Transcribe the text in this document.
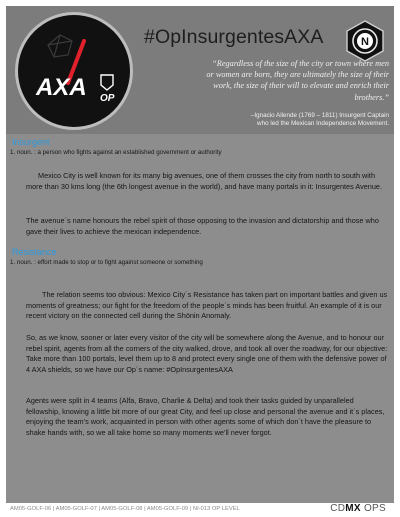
AXA OP
#OpInsurgentesAXA	N
“Regardless of the size of the city or town where men or women are born, they are ultimately the size of their work, the size of their will to elevate and enrich their brothers.”
–Ignacio Allende (1769 – 1811) Insurgent Captain
who led the Mexican Independence Movement.
Insurgent
1. noun. : a person who fights against an established government or authority
Mexico City is well known for its many big avenues, one of them crosses the city from north to south with more than 30 kms long (the 6th longest avenue in the world), and have many portals in it: Insurgentes Avenue.
The avenue´s name honours the rebel spirit of those opposing to the invasion and dictatorship and those who gave their lives to achieve the mexican independence.
Resistance
1. noun. : effort made to stop or to fight against someone or something
The relation seems too obvious: Mexico City´s Resistance has taken part on important battles and given us moments of greatness; our fight for the freedom of the people´s minds has been fruitful. An example of it is our recent victory on the connected cell during the Shönin Anomaly.
So, as we know, sooner or later every visitor of the city will be somewhere along the Avenue, and to honour our rebel spirit, agents from all the corners of the city walked, drove, and took all over the roadway, for our objective: Take more than 100 portals, level them up to 8 and protect every single one of them with the defensive power of 4 AXA shields, so we have our Op´s name: #OpInsurgentesAXA
Agents were split in 4 teams (Alfa, Bravo, Charlie & Delta) and took their tasks guided by unparalleled fellowship, knowing a little bit more of our great City, and feel up close and personal the avenue and it´s places, enjoying the team’s work, acquainted in person with other agents some of which don´t have the pleasure to shake hands with, so we all take home so many moments we’ll never forgot.
AM05-GOLF-06 | AM05-GOLF-07 | AM05-GOLF-08 | AM05-GOLF-09 | NI-013 OP LEVEL	CDMX OPS
